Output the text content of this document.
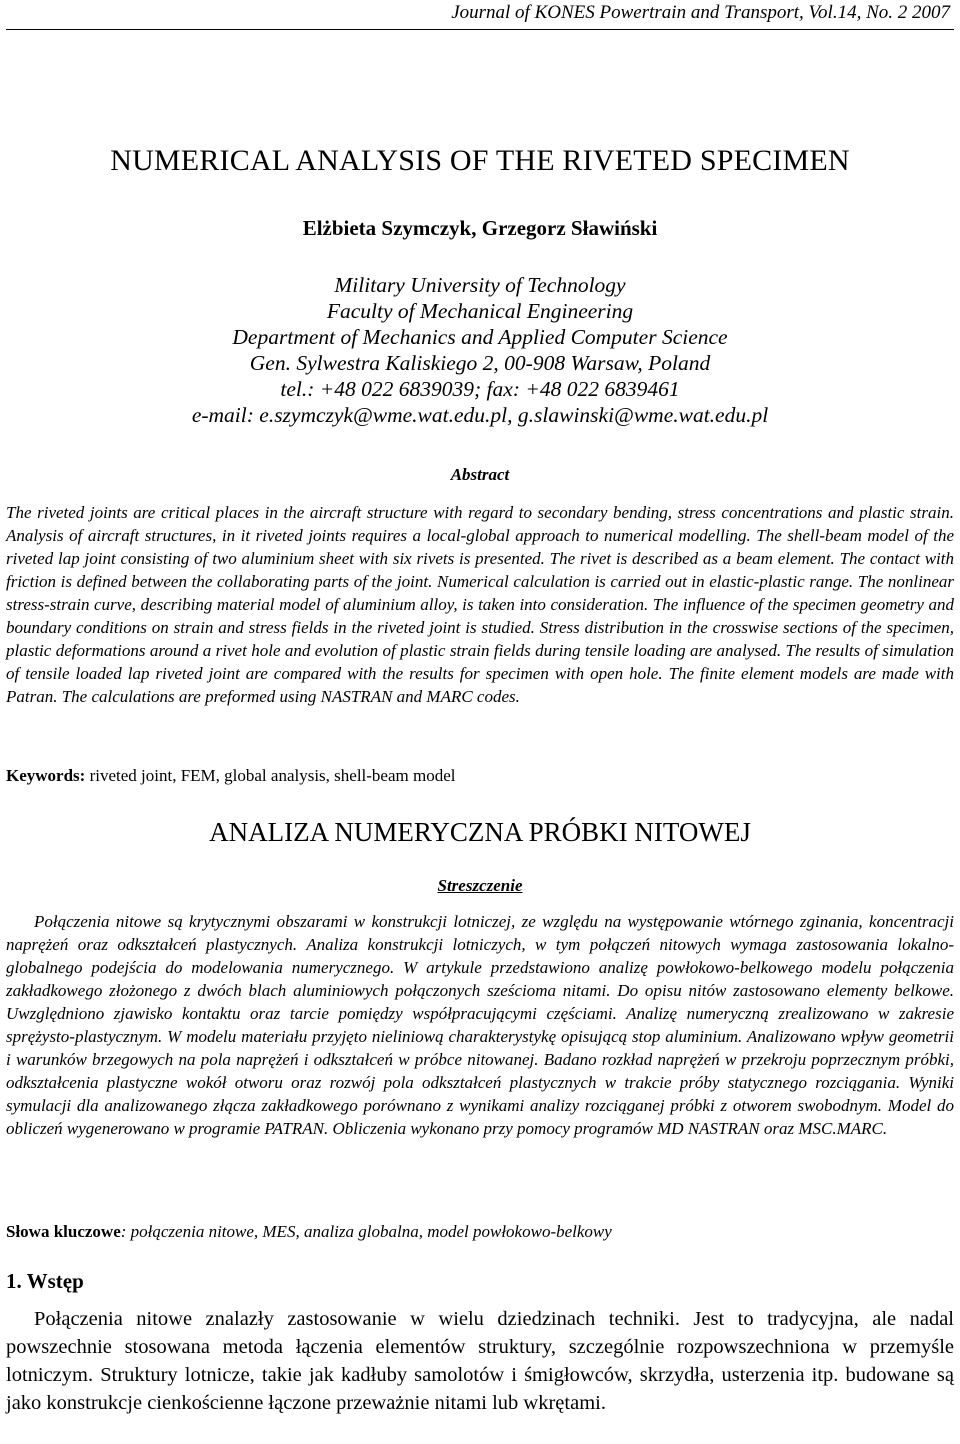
Journal of KONES Powertrain and Transport, Vol.14, No. 2 2007
NUMERICAL ANALYSIS OF THE RIVETED SPECIMEN
Elżbieta Szymczyk, Grzegorz Sławiński
Military University of Technology
Faculty of Mechanical Engineering
Department of Mechanics and Applied Computer Science
Gen. Sylwestra Kaliskiego 2, 00-908 Warsaw, Poland
tel.: +48 022 6839039; fax: +48 022 6839461
e-mail: e.szymczyk@wme.wat.edu.pl, g.slawinski@wme.wat.edu.pl
Abstract
The riveted joints are critical places in the aircraft structure with regard to secondary bending, stress concentrations and plastic strain. Analysis of aircraft structures, in it riveted joints requires a local-global approach to numerical modelling. The shell-beam model of the riveted lap joint consisting of two aluminium sheet with six rivets is presented. The rivet is described as a beam element. The contact with friction is defined between the collaborating parts of the joint. Numerical calculation is carried out in elastic-plastic range. The nonlinear stress-strain curve, describing material model of aluminium alloy, is taken into consideration. The influence of the specimen geometry and boundary conditions on strain and stress fields in the riveted joint is studied. Stress distribution in the crosswise sections of the specimen, plastic deformations around a rivet hole and evolution of plastic strain fields during tensile loading are analysed. The results of simulation of tensile loaded lap riveted joint are compared with the results for specimen with open hole. The finite element models are made with Patran. The calculations are preformed using NASTRAN and MARC codes.
Keywords: riveted joint, FEM, global analysis, shell-beam model
ANALIZA NUMERYCZNA PRÓBKI NITOWEJ
Streszczenie
Połączenia nitowe są krytycznymi obszarami w konstrukcji lotniczej, ze względu na występowanie wtórnego zginania, koncentracji naprężeń oraz odkształceń plastycznych. Analiza konstrukcji lotniczych, w tym połączeń nitowych wymaga zastosowania lokalno-globalnego podejścia do modelowania numerycznego. W artykule przedstawiono analizę powłokowo-belkowego modelu połączenia zakładkowego złożonego z dwóch blach aluminiowych połączonych sześcioma nitami. Do opisu nitów zastosowano elementy belkowe. Uwzględniono zjawisko kontaktu oraz tarcie pomiędzy współpracującymi częściami. Analizę numeryczną zrealizowano w zakresie sprężysto-plastycznym. W modelu materiału przyjęto nieliniową charakterystykę opisującą stop aluminium. Analizowano wpływ geometrii i warunków brzegowych na pola naprężeń i odkształceń w próbce nitowanej. Badano rozkład naprężeń w przekroju poprzecznym próbki, odkształcenia plastyczne wokół otworu oraz rozwój pola odkształceń plastycznych w trakcie próby statycznego rozciągania. Wyniki symulacji dla analizowanego złącza zakładkowego porównano z wynikami analizy rozciąganej próbki z otworem swobodnym. Model do obliczeń wygenerowano w programie PATRAN. Obliczenia wykonano przy pomocy programów MD NASTRAN oraz MSC.MARC.
Słowa kluczowe: połączenia nitowe, MES, analiza globalna, model powłokowo-belkowy
1. Wstęp
Połączenia nitowe znalazły zastosowanie w wielu dziedzinach techniki. Jest to tradycyjna, ale nadal powszechnie stosowana metoda łączenia elementów struktury, szczególnie rozpowszechniona w przemyśle lotniczym. Struktury lotnicze, takie jak kadłuby samolotów i śmigłowców, skrzydła, usterzenia itp. budowane są jako konstrukcje cienkościenne łączone przeważnie nitami lub wkrętami.
